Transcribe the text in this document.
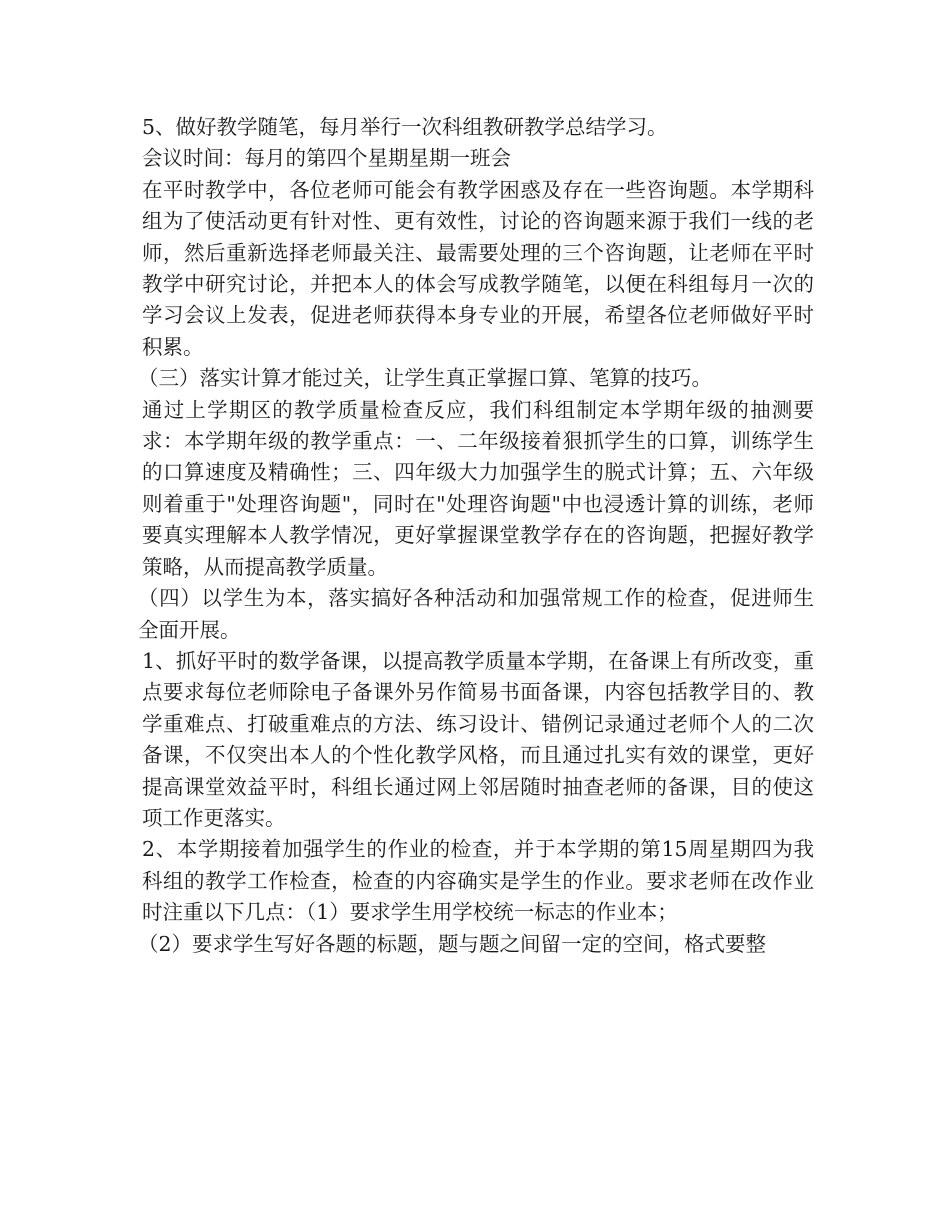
5、做好教学随笔，每月举行一次科组教研教学总结学习。

会议时间：每月的第四个星期星期一班会

在平时教学中，各位老师可能会有教学困惑及存在一些咨询题。本学期科组为了使活动更有针对性、更有效性，讨论的咨询题来源于我们一线的老师，然后重新选择老师最关注、最需要处理的三个咨询题，让老师在平时教学中研究讨论，并把本人的体会写成教学随笔，以便在科组每月一次的学习会议上发表，促进老师获得本身专业的开展，希望各位老师做好平时积累。

（三）落实计算才能过关，让学生真正掌握口算、笔算的技巧。

通过上学期区的教学质量检查反应，我们科组制定本学期年级的抽测要求：本学期年级的教学重点：一、二年级接着狠抓学生的口算，训练学生的口算速度及精确性；三、四年级大力加强学生的脱式计算；五、六年级则着重于"处理咨询题"，同时在"处理咨询题"中也浸透计算的训练，老师要真实理解本人教学情况，更好掌握课堂教学存在的咨询题，把握好教学策略，从而提高教学质量。

（四）以学生为本，落实搞好各种活动和加强常规工作的检查，促进师生全面开展。

1、抓好平时的数学备课，以提高教学质量本学期，在备课上有所改变，重点要求每位老师除电子备课外另作简易书面备课，内容包括教学目的、教学重难点、打破重难点的方法、练习设计、错例记录通过老师个人的二次备课，不仅突出本人的个性化教学风格，而且通过扎实有效的课堂，更好提高课堂效益平时，科组长通过网上邻居随时抽查老师的备课，目的使这项工作更落实。

2、本学期接着加强学生的作业的检查，并于本学期的第15周星期四为我科组的教学工作检查，检查的内容确实是学生的作业。要求老师在改作业时注重以下几点：（1）要求学生用学校统一标志的作业本；

（2）要求学生写好各题的标题，题与题之间留一定的空间，格式要整
